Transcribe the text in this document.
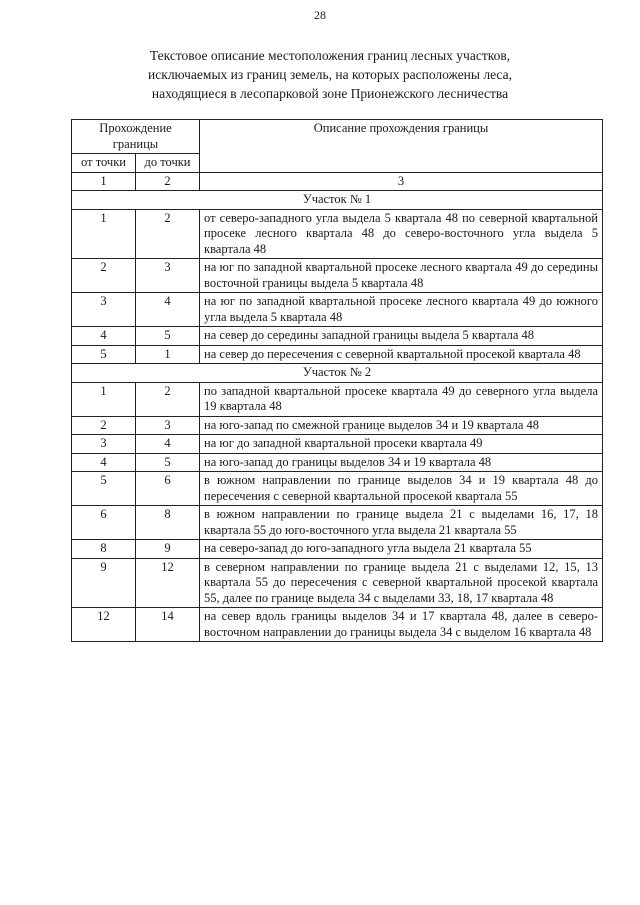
28
Текстовое описание местоположения границ лесных участков,
исключаемых из границ земель, на которых расположены леса,
находящиеся в лесопарковой зоне Прионежского лесничества
Прохождение
границы		Описание прохождения границы
от точки	до точки	
1	2	3
Участок № 1		
1	2	от северо-западного угла выдела 5 квартала 48 по северной квартальной просеке лесного квартала 48 до северо-восточного угла выдела 5 квартала 48
2	3	на юг по западной квартальной просеке лесного квартала 49 до середины восточной границы выдела 5 квартала 48
3	4	на юг по западной квартальной просеке лесного квартала 49 до южного угла выдела 5 квартала 48
4	5	на север до середины западной границы выдела 5 квартала 48
5	1	на север до пересечения с северной квартальной просекой квартала 48
Участок № 2		
1	2	по западной квартальной просеке квартала 49 до северного угла выдела 19 квартала 48
2	3	на юго-запад по смежной границе выделов 34 и 19 квартала 48
3	4	на юг до западной квартальной просеки квартала 49
4	5	на юго-запад до границы выделов 34 и 19 квартала 48
5	6	в южном направлении по границе выделов 34 и 19 квартала 48 до пересечения с северной квартальной просекой квартала 55
6	8	в южном направлении по границе выдела 21 с выделами 16, 17, 18 квартала 55 до юго-восточного угла выдела 21 квартала 55
8	9	на северо-запад до юго-западного угла выдела 21 квартала 55
9	12	в северном направлении по границе выдела 21 с выделами 12, 15, 13 квартала 55 до пересечения с северной квартальной просекой квартала 55, далее по границе выдела 34 с выделами 33, 18, 17 квартала 48
12	14	на север вдоль границы выделов 34 и 17 квартала 48, далее в северо-восточном направлении до границы выдела 34 с выделом 16 квартала 48
